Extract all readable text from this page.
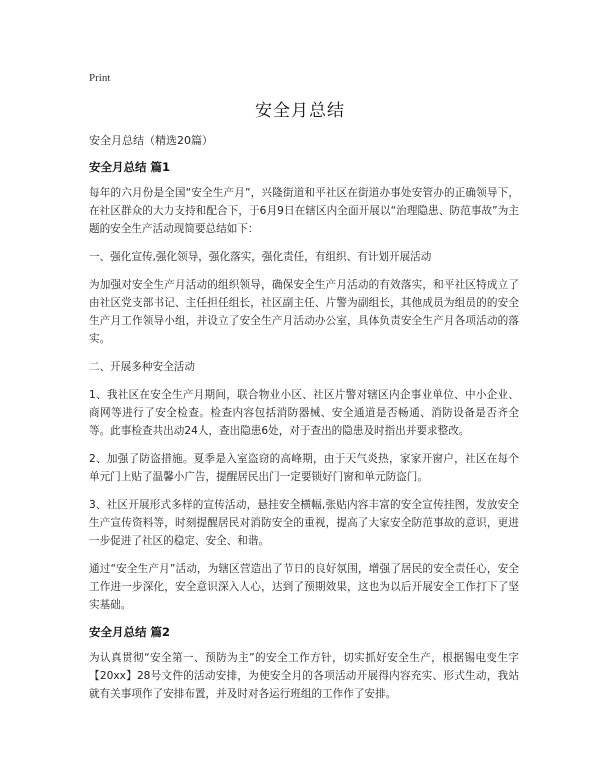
Print
安全月总结

安全月总结（精选20篇）

安全月总结 篇1

每年的六月份是全国“安全生产月”，兴隆街道和平社区在街道办事处安管办的正确领导下，在社区群众的大力支持和配合下，于6月9日在辖区内全面开展以“治理隐患、防范事故”为主题的安全生产活动现简要总结如下：

一、强化宣传,强化领导，强化落实，强化责任，有组织、有计划开展活动

为加强对安全生产月活动的组织领导，确保安全生产月活动的有效落实，和平社区特成立了由社区党支部书记、主任担任组长，社区副主任、片警为副组长，其他成员为组员的的安全生产月工作领导小组，并设立了安全生产月活动办公室，具体负责安全生产月各项活动的落实。

二、开展多种安全活动

1、我社区在安全生产月期间，联合物业小区、社区片警对辖区内企事业单位、中小企业、商网等进行了安全检查。检查内容包括消防器械、安全通道是否畅通、消防设备是否齐全等。此事检查共出动24人，查出隐患6处，对于查出的隐患及时指出并要求整改。

2、加强了防盗措施。夏季是入室盗窃的高峰期，由于天气炎热，家家开窗户，社区在每个单元门上贴了温馨小广告，提醒居民出门一定要锁好门窗和单元防盗门。

3、社区开展形式多样的宣传活动，悬挂安全横幅,张贴内容丰富的安全宣传挂图，发放安全生产宣传资料等，时刻提醒居民对消防安全的重视，提高了大家安全防范事故的意识，更进一步促进了社区的稳定、安全、和谐。

通过“安全生产月”活动，为辖区营造出了节日的良好氛围，增强了居民的安全责任心，安全工作进一步深化，安全意识深入人心，达到了预期效果，这也为以后开展安全工作打下了坚实基础。

安全月总结 篇2

为认真贯彻“安全第一、预防为主”的安全工作方针，切实抓好安全生产，根据锡电变生字【20xx】28号文件的活动安排，为使安全月的各项活动开展得内容充实、形式生动，我站就有关事项作了安排布置，并及时对各运行班组的工作作了安排。
